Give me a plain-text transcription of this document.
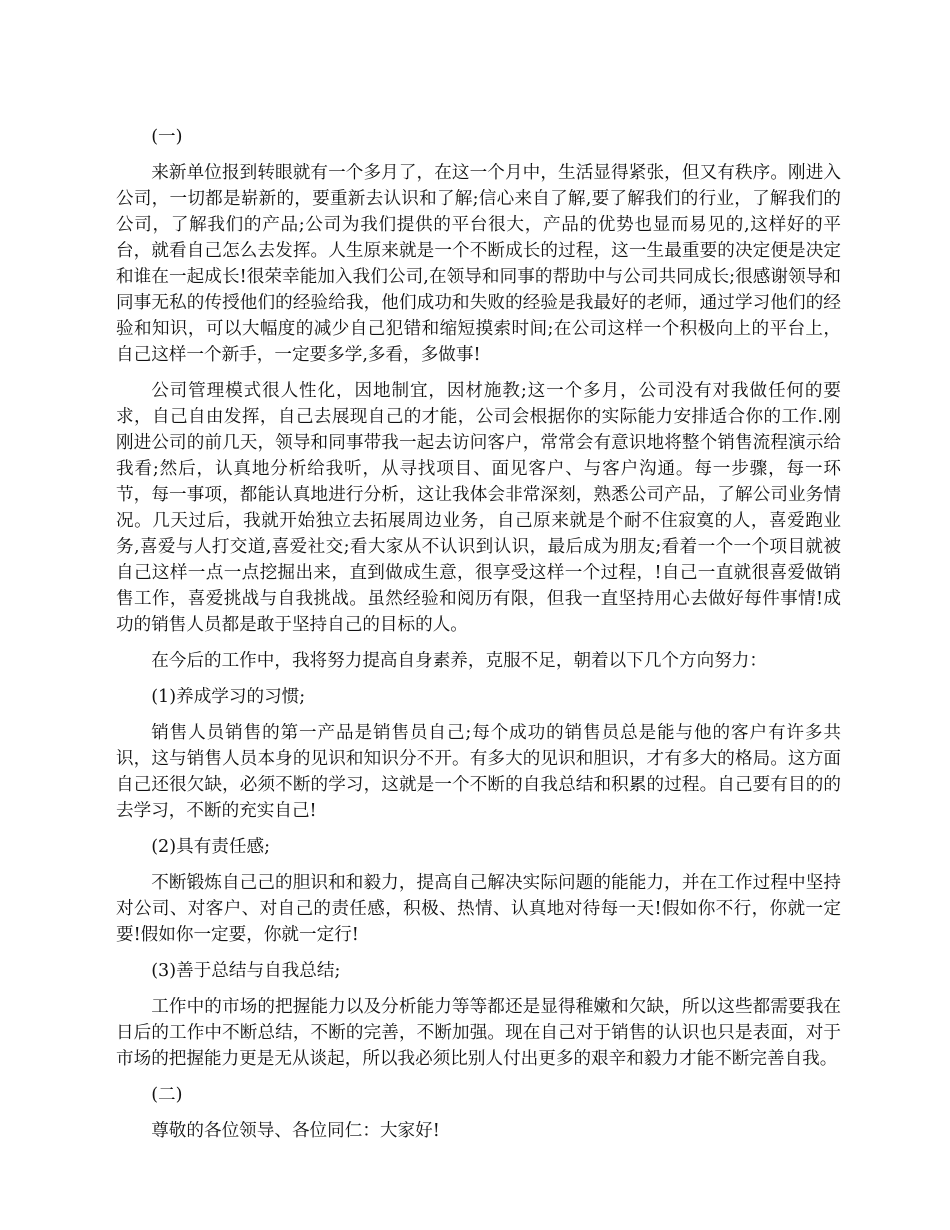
(一)

来新单位报到转眼就有一个多月了，在这一个月中，生活显得紧张，但又有秩序。刚进入公司，一切都是崭新的，要重新去认识和了解;信心来自了解,要了解我们的行业，了解我们的公司，了解我们的产品;公司为我们提供的平台很大，产品的优势也显而易见的,这样好的平台，就看自己怎么去发挥。人生原来就是一个不断成长的过程，这一生最重要的决定便是决定和谁在一起成长!很荣幸能加入我们公司,在领导和同事的帮助中与公司共同成长;很感谢领导和同事无私的传授他们的经验给我，他们成功和失败的经验是我最好的老师，通过学习他们的经验和知识，可以大幅度的减少自己犯错和缩短摸索时间;在公司这样一个积极向上的平台上，自己这样一个新手，一定要多学,多看，多做事!

公司管理模式很人性化，因地制宜，因材施教;这一个多月，公司没有对我做任何的要求，自己自由发挥，自己去展现自己的才能，公司会根据你的实际能力安排适合你的工作.刚刚进公司的前几天，领导和同事带我一起去访问客户，常常会有意识地将整个销售流程演示给我看;然后，认真地分析给我听，从寻找项目、面见客户、与客户沟通。每一步骤，每一环节，每一事项，都能认真地进行分析，这让我体会非常深刻，熟悉公司产品，了解公司业务情况。几天过后，我就开始独立去拓展周边业务，自己原来就是个耐不住寂寞的人，喜爱跑业务,喜爱与人打交道,喜爱社交;看大家从不认识到认识，最后成为朋友;看着一个一个项目就被自己这样一点一点挖掘出来，直到做成生意，很享受这样一个过程，!自己一直就很喜爱做销售工作，喜爱挑战与自我挑战。虽然经验和阅历有限，但我一直坚持用心去做好每件事情!成功的销售人员都是敢于坚持自己的目标的人。

在今后的工作中，我将努力提高自身素养，克服不足，朝着以下几个方向努力：

(1)养成学习的习惯;

销售人员销售的第一产品是销售员自己;每个成功的销售员总是能与他的客户有许多共识，这与销售人员本身的见识和知识分不开。有多大的见识和胆识，才有多大的格局。这方面自己还很欠缺，必须不断的学习，这就是一个不断的自我总结和积累的过程。自己要有目的的去学习，不断的充实自己!

(2)具有责任感;

不断锻炼自己己的胆识和和毅力，提高自己解决实际问题的能能力，并在工作过程中坚持对公司、对客户、对自己的责任感，积极、热情、认真地对待每一天!假如你不行，你就一定要!假如你一定要，你就一定行!

(3)善于总结与自我总结;

工作中的市场的把握能力以及分析能力等等都还是显得稚嫩和欠缺，所以这些都需要我在日后的工作中不断总结，不断的完善，不断加强。现在自己对于销售的认识也只是表面，对于市场的把握能力更是无从谈起，所以我必须比别人付出更多的艰辛和毅力才能不断完善自我。

(二)

尊敬的各位领导、各位同仁：大家好!
